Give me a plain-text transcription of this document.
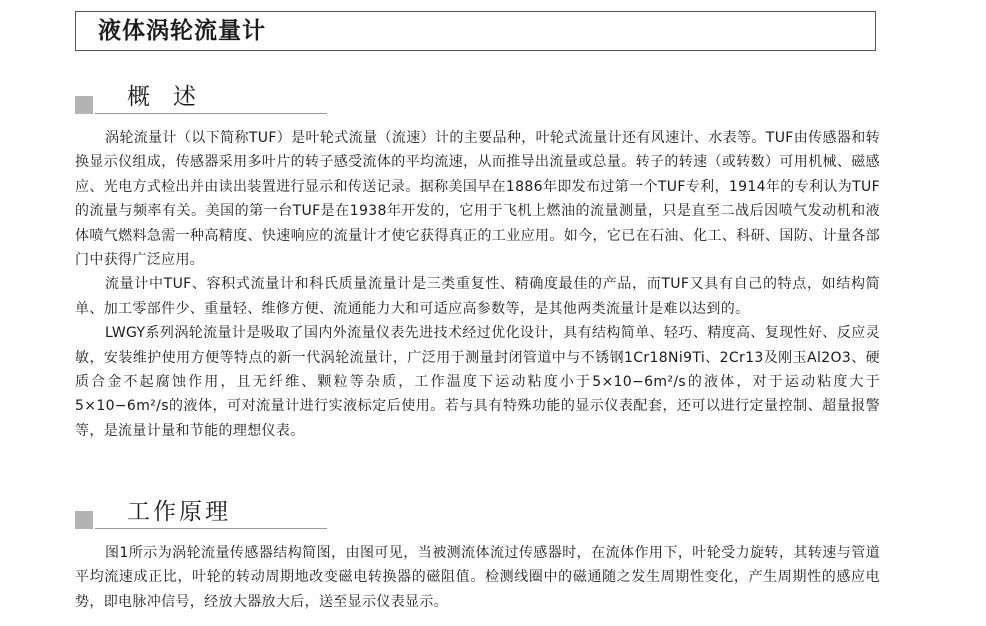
液体涡轮流量计
概述

涡轮流量计（以下简称TUF）是叶轮式流量（流速）计的主要品种，叶轮式流量计还有风速计、水表等。TUF由传感器和转换显示仪组成，传感器采用多叶片的转子感受流体的平均流速，从而推导出流量或总量。转子的转速（或转数）可用机械、磁感应、光电方式检出并由读出装置进行显示和传送记录。据称美国早在1886年即发布过第一个TUF专利，1914年的专利认为TUF的流量与频率有关。美国的第一台TUF是在1938年开发的，它用于飞机上燃油的流量测量，只是直至二战后因喷气发动机和液体喷气燃料急需一种高精度、快速响应的流量计才使它获得真正的工业应用。如今，它已在石油、化工、科研、国防、计量各部门中获得广泛应用。

流量计中TUF、容积式流量计和科氏质量流量计是三类重复性、精确度最佳的产品，而TUF又具有自己的特点，如结构简单、加工零部件少、重量轻、维修方便、流通能力大和可适应高参数等，是其他两类流量计是难以达到的。

LWGY系列涡轮流量计是吸取了国内外流量仪表先进技术经过优化设计，具有结构简单、轻巧、精度高、复现性好、反应灵敏，安装维护使用方便等特点的新一代涡轮流量计，广泛用于测量封闭管道中与不锈钢1Cr18Ni9Ti、2Cr13及刚玉Al2O3、硬质合金不起腐蚀作用，且无纤维、颗粒等杂质，工作温度下运动粘度小于5×10−6m²/s的液体，对于运动粘度大于5×10−6m²/s的液体，可对流量计进行实液标定后使用。若与具有特殊功能的显示仪表配套，还可以进行定量控制、超量报警等，是流量计量和节能的理想仪表。

工作原理

图1所示为涡轮流量传感器结构简图，由图可见，当被测流体流过传感器时，在流体作用下，叶轮受力旋转，其转速与管道平均流速成正比，叶轮的转动周期地改变磁电转换器的磁阻值。检测线圈中的磁通随之发生周期性变化，产生周期性的感应电势，即电脉冲信号，经放大器放大后，送至显示仪表显示。
